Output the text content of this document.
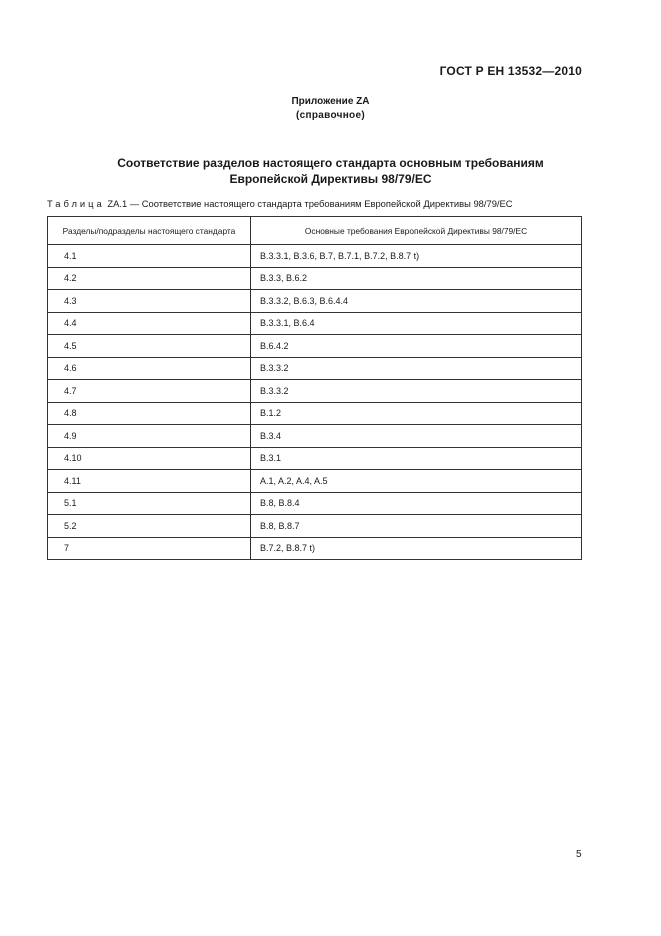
ГОСТ Р ЕН 13532—2010
Приложение ZA
(справочное)
Соответствие разделов настоящего стандарта основным требованиям
Европейской Директивы 98/79/ЕС
Таблица ZA.1 — Соответствие настоящего стандарта требованиям Европейской Директивы 98/79/ЕС
Разделы/подразделы настоящего стандарта	Основные требования Европейской Директивы 98/79/ЕС
4.1	B.3.3.1, B.3.6, B.7, B.7.1, B.7.2, B.8.7 t)
4.2	B.3.3, B.6.2
4.3	B.3.3.2, B.6.3, B.6.4.4
4.4	B.3.3.1, B.6.4
4.5	B.6.4.2
4.6	B.3.3.2
4.7	B.3.3.2
4.8	B.1.2
4.9	B.3.4
4.10	B.3.1
4.11	A.1, A.2, A.4, A.5
5.1	B.8, B.8.4
5.2	B.8, B.8.7
7	B.7.2, B.8.7 t)
5
